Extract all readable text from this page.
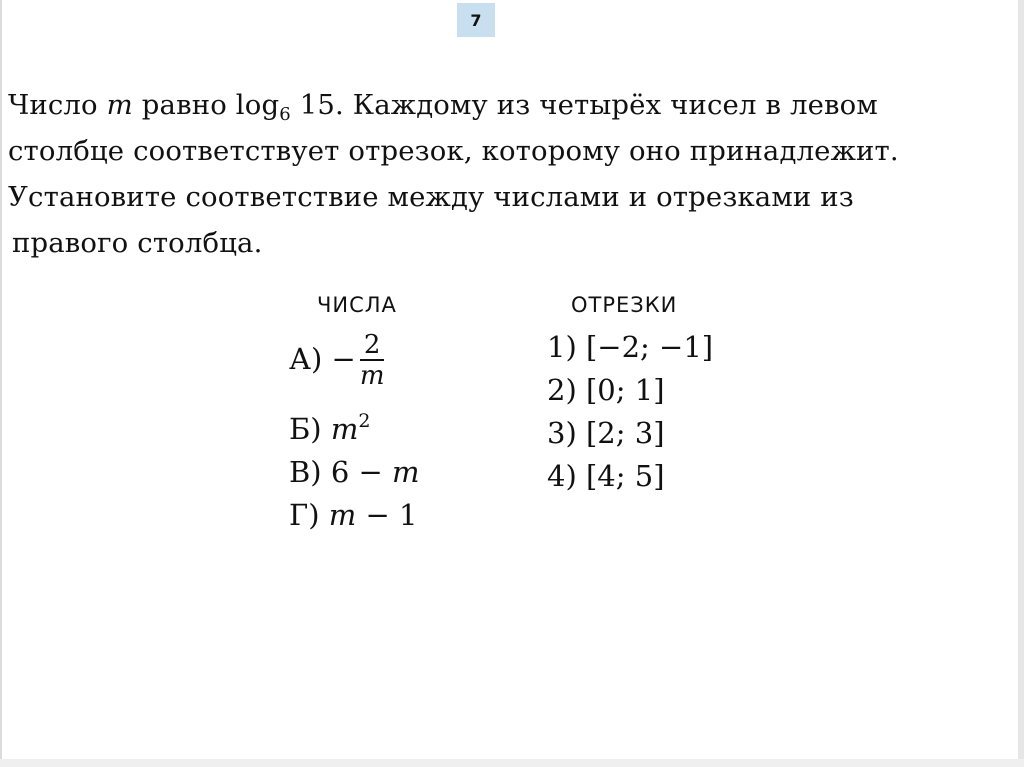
7
Число m равно $\log_6 15$. Каждому из четырёх чисел в левом
столбце соответствует отрезок, которому оно принадлежит.
Установите соответствие между числами и отрезками из
правого столбца.
ЧИСЛА	ОТРЕЗКИ
$А) - \frac{2}{m}$
Б) $m^2$
В) 6 − m
Г) m − 1
1) [−2; −1]
2) [0; 1]
3) [2; 3]
4) [4; 5]
